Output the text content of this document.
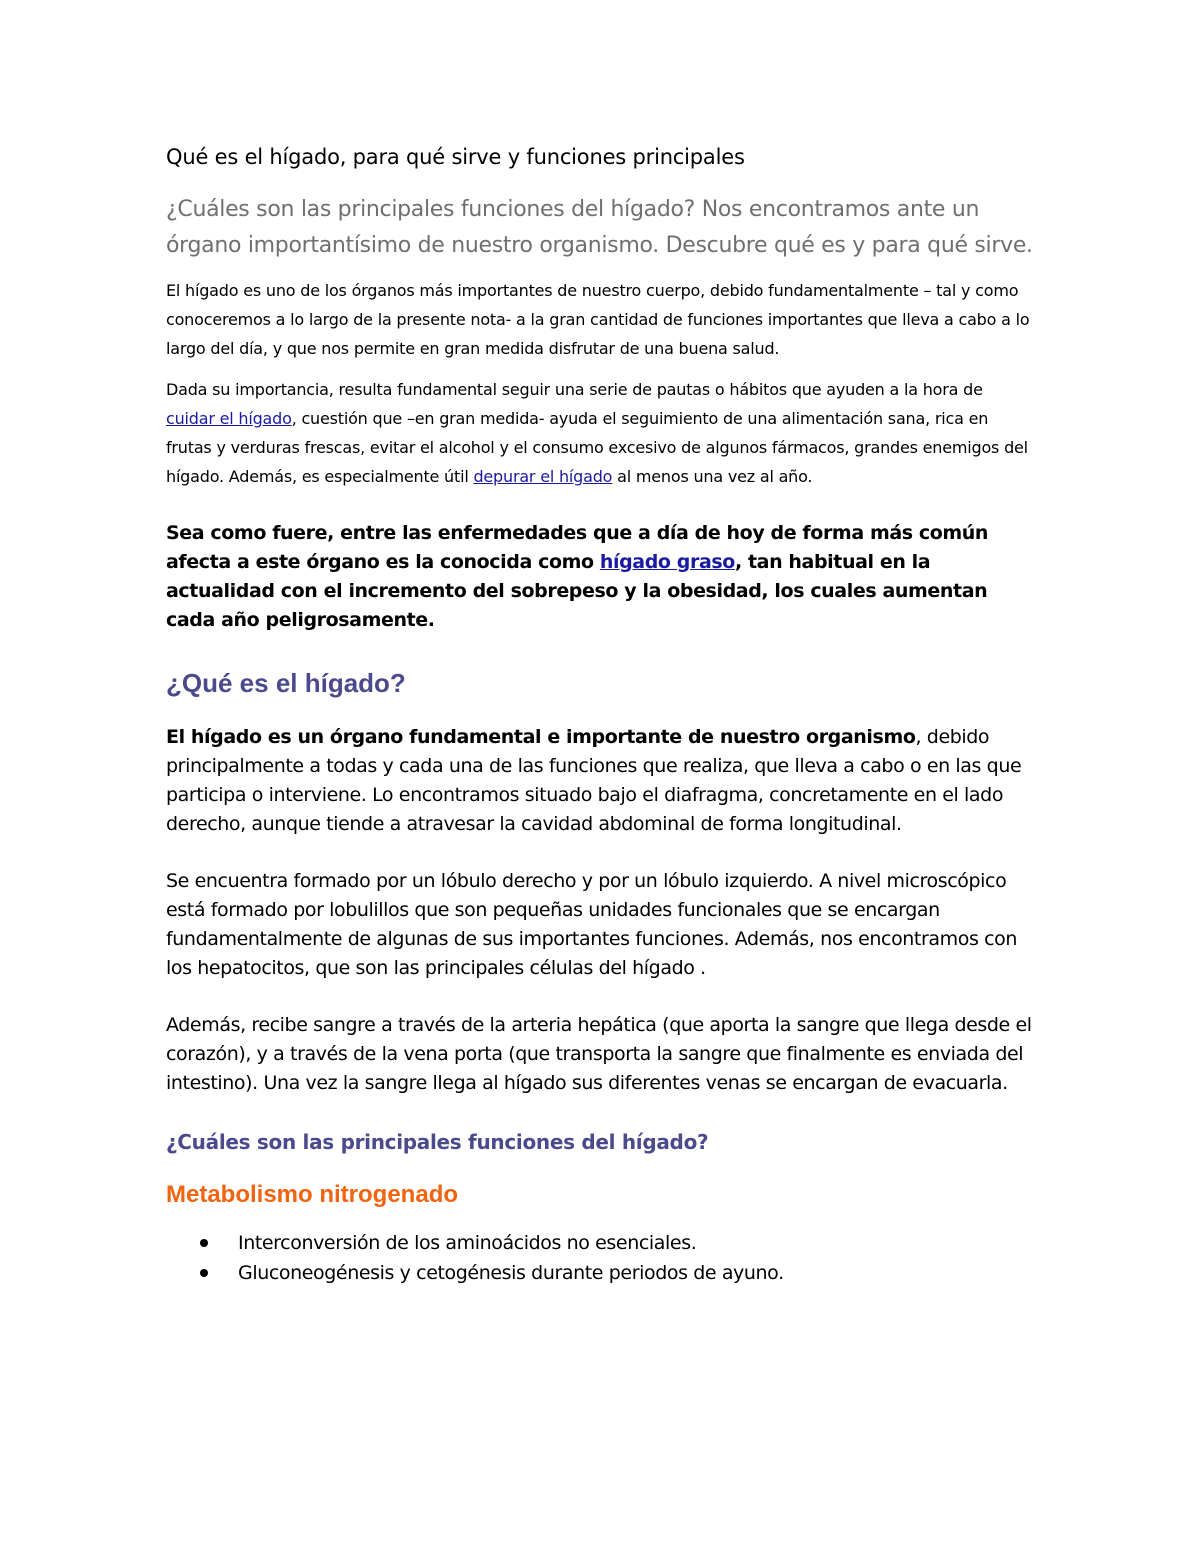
Qué es el hígado, para qué sirve y funciones principales

¿Cuáles son las principales funciones del hígado? Nos encontramos ante un órgano importantísimo de nuestro organismo. Descubre qué es y para qué sirve.

El hígado es uno de los órganos más importantes de nuestro cuerpo, debido fundamentalmente – tal y como conoceremos a lo largo de la presente nota- a la gran cantidad de funciones importantes que lleva a cabo a lo largo del día, y que nos permite en gran medida disfrutar de una buena salud.

Dada su importancia, resulta fundamental seguir una serie de pautas o hábitos que ayuden a la hora de cuidar el hígado, cuestión que –en gran medida- ayuda el seguimiento de una alimentación sana, rica en frutas y verduras frescas, evitar el alcohol y el consumo excesivo de algunos fármacos, grandes enemigos del hígado. Además, es especialmente útil depurar el hígado al menos una vez al año.

Sea como fuere, entre las enfermedades que a día de hoy de forma más común afecta a este órgano es la conocida como hígado graso, tan habitual en la actualidad con el incremento del sobrepeso y la obesidad, los cuales aumentan cada año peligrosamente.

¿Qué es el hígado?

El hígado es un órgano fundamental e importante de nuestro organismo, debido principalmente a todas y cada una de las funciones que realiza, que lleva a cabo o en las que participa o interviene. Lo encontramos situado bajo el diafragma, concretamente en el lado derecho, aunque tiende a atravesar la cavidad abdominal de forma longitudinal.

Se encuentra formado por un lóbulo derecho y por un lóbulo izquierdo. A nivel microscópico está formado por lobulillos que son pequeñas unidades funcionales que se encargan fundamentalmente de algunas de sus importantes funciones. Además, nos encontramos con los hepatocitos, que son las principales células del hígado .

Además, recibe sangre a través de la arteria hepática (que aporta la sangre que llega desde el corazón), y a través de la vena porta (que transporta la sangre que finalmente es enviada del intestino). Una vez la sangre llega al hígado sus diferentes venas se encargan de evacuarla.

¿Cuáles son las principales funciones del hígado?
Metabolismo nitrogenado
Interconversión de los aminoácidos no esenciales.
Gluconeogénesis y cetogénesis durante periodos de ayuno.
